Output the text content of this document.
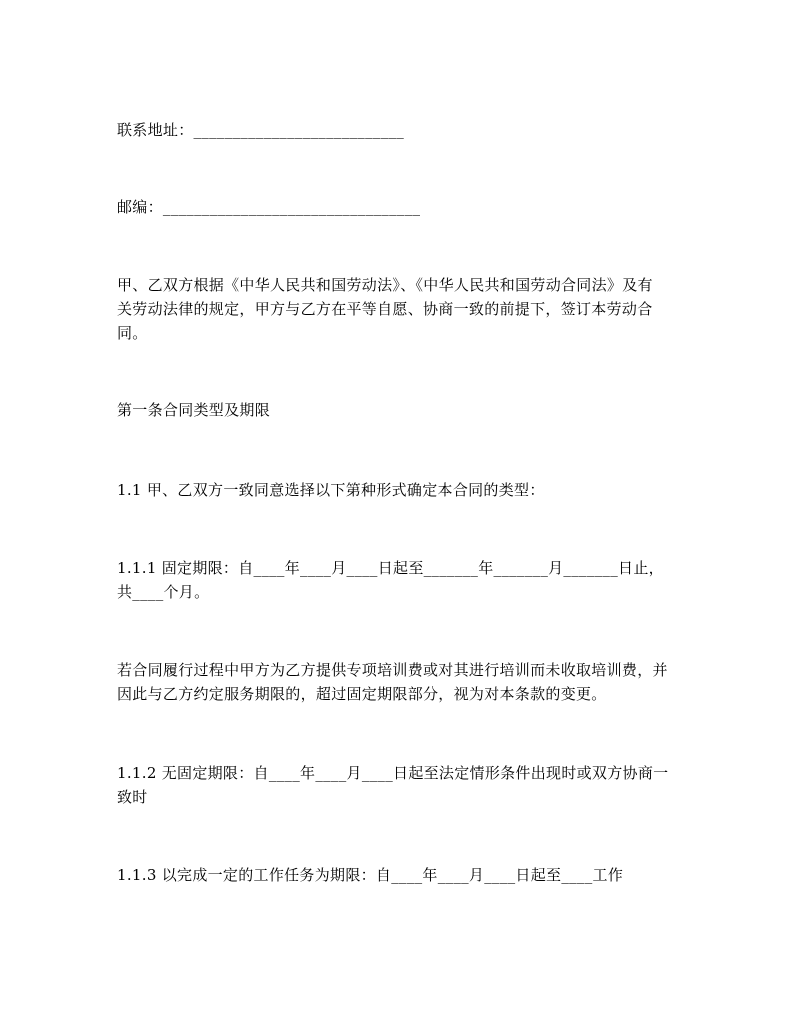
联系地址：___________________________
邮编：_________________________________
甲、乙双方根据《中华人民共和国劳动法》、《中华人民共和国劳动合同法》及有
关劳动法律的规定，甲方与乙方在平等自愿、协商一致的前提下，签订本劳动合
同。
第一条合同类型及期限
1.1 甲、乙双方一致同意选择以下第种形式确定本合同的类型：
1.1.1 固定期限：自____年____月____日起至_______年_______月_______日止，
共____个月。
若合同履行过程中甲方为乙方提供专项培训费或对其进行培训而未收取培训费，并
因此与乙方约定服务期限的，超过固定期限部分，视为对本条款的变更。
1.1.2 无固定期限：自____年____月____日起至法定情形条件出现时或双方协商一
致时
1.1.3 以完成一定的工作任务为期限：自____年____月____日起至____工作
